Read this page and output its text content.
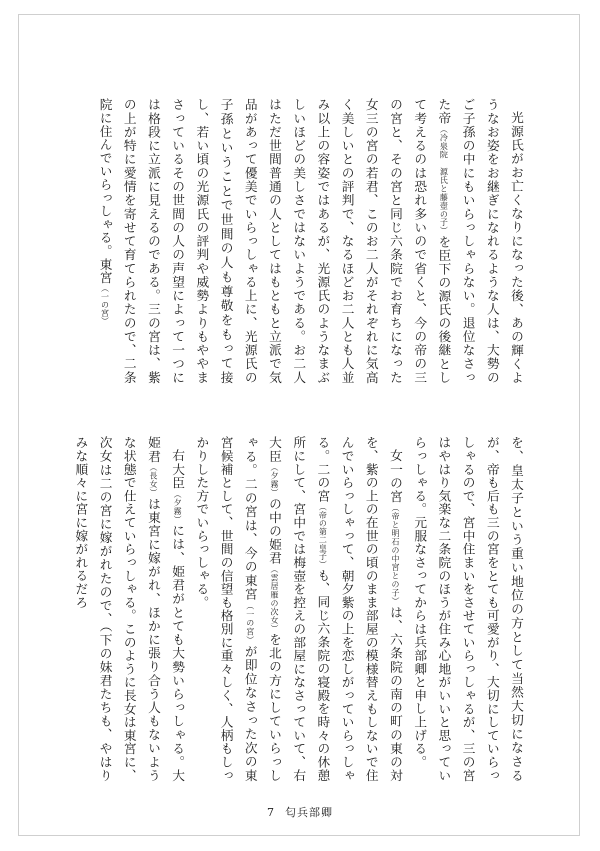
光源氏がお亡くなりになった後、あの輝くようなお姿をお継ぎになれるような人は、大勢のご子孫の中にもいらっしゃらない。退位なさった帝（冷泉院　源氏と藤壺の子）を臣下の源氏の後継として考えるのは恐れ多いので省くと、今の帝の三の宮と、その宮と同じ六条院でお育ちになった女三の宮の若君、このお二人がそれぞれに気高く美しいとの評判で、なるほどお二人とも人並み以上の容姿ではあるが、光源氏のようなまぶしいほどの美しさではないようである。お二人はただ世間普通の人としてはもともと立派で気品があって優美でいらっしゃる上に、光源氏の子孫ということで世間の人も尊敬をもって接し、若い頃の光源氏の評判や威勢よりもややまさっているその世間の人の声望によって一つには格段に立派に見えるのである。三の宮は、紫の上が特に愛情を寄せて育てられたので、二条院に住んでいらっしゃる。東宮（一の宮）

を、皇太子という重い地位の方として当然大切になさるが、帝も后も三の宮をとても可愛がり、大切にしていらっしゃるので、宮中住まいをさせていらっしゃるが、三の宮はやはり気楽な二条院のほうが住み心地がいいと思っていらっしゃる。元服なさってからは兵部卿と申し上げる。

女一の宮（帝と明石の中宮との子）は、六条院の南の町の東の対を、紫の上の在世の頃のまま部屋の模様替えもしないで住んでいらっしゃって、朝夕紫の上を恋しがっていらっしゃる。二の宮（帝の第二皇子）も、同じ六条院の寝殿を時々の休憩所にして、宮中では梅壺を控えの部屋になさっていて、右大臣（夕霧）の中の姫君（雲居雁の次女）を北の方にしていらっしゃる。二の宮は、今の東宮（一の宮）が即位なさった次の東宮候補として、世間の信望も格別に重々しく、人柄もしっかりした方でいらっしゃる。

右大臣（夕霧）には、姫君がとても大勢いらっしゃる。大姫君（長女）は東宮に嫁がれ、ほかに張り合う人もないような状態で仕えていらっしゃる。このように長女は東宮に、次女は二の宮に嫁がれたので、（下の妹君たちも、やはりみな順々に宮に嫁がれるだろ

7 匂兵部卿
